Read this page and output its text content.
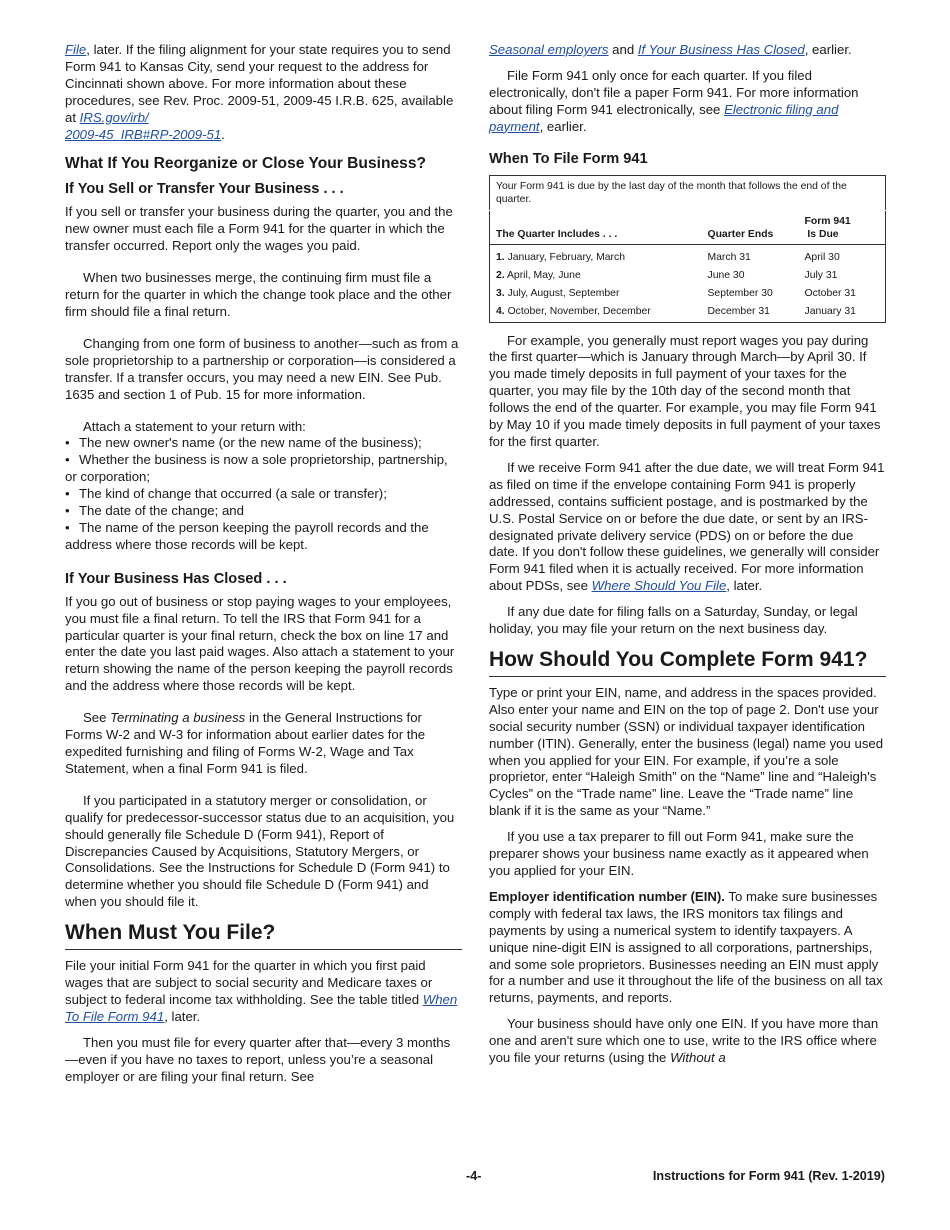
File, later. If the filing alignment for your state requires you to send Form 941 to Kansas City, send your request to the address for Cincinnati shown above. For more information about these procedures, see Rev. Proc. 2009-51, 2009-45 I.R.B. 625, available at IRS.gov/irb/
2009-45_IRB#RP-2009-51.

What If You Reorganize or Close Your Business?
If You Sell or Transfer Your Business . . .

If you sell or transfer your business during the quarter, you and the new owner must each file a Form 941 for the quarter in which the transfer occurred. Report only the wages you paid.

When two businesses merge, the continuing firm must file a return for the quarter in which the change took place and the other firm should file a final return.

Changing from one form of business to another—such as from a sole proprietorship to a partnership or corporation—is considered a transfer. If a transfer occurs, you may need a new EIN. See Pub. 1635 and section 1 of Pub. 15 for more information.

Attach a statement to your return with:
• The new owner's name (or the new name of the business);
• Whether the business is now a sole proprietorship, partnership, or corporation;
• The kind of change that occurred (a sale or transfer);
• The date of the change; and
• The name of the person keeping the payroll records and the address where those records will be kept.
If Your Business Has Closed . . .

If you go out of business or stop paying wages to your employees, you must file a final return. To tell the IRS that Form 941 for a particular quarter is your final return, check the box on line 17 and enter the date you last paid wages. Also attach a statement to your return showing the name of the person keeping the payroll records and the address where those records will be kept.

See Terminating a business in the General Instructions for Forms W-2 and W-3 for information about earlier dates for the expedited furnishing and filing of Forms W-2, Wage and Tax Statement, when a final Form 941 is filed.

If you participated in a statutory merger or consolidation, or qualify for predecessor-successor status due to an acquisition, you should generally file Schedule D (Form 941), Report of Discrepancies Caused by Acquisitions, Statutory Mergers, or Consolidations. See the Instructions for Schedule D (Form 941) to determine whether you should file Schedule D (Form 941) and when you should file it.

When Must You File?

File your initial Form 941 for the quarter in which you first paid wages that are subject to social security and Medicare taxes or subject to federal income tax withholding. See the table titled When To File Form 941, later.

Then you must file for every quarter after that—every 3 months—even if you have no taxes to report, unless you’re a seasonal employer or are filing your final return. See

Seasonal employers and If Your Business Has Closed, earlier.

File Form 941 only once for each quarter. If you filed electronically, don't file a paper Form 941. For more information about filing Form 941 electronically, see Electronic filing and payment, earlier.

When To File Form 941
Your Form 941 is due by the last day of the month that follows the end of the quarter.		
The Quarter Includes . . .	Quarter Ends	Form 941
Is Due
1. January, February, March	March 31	April 30
2. April, May, June	June 30	July 31
3. July, August, September	September 30	October 31
4. October, November, December	December 31	January 31

For example, you generally must report wages you pay during the first quarter—which is January through March—by April 30. If you made timely deposits in full payment of your taxes for the quarter, you may file by the 10th day of the second month that follows the end of the quarter. For example, you may file Form 941 by May 10 if you made timely deposits in full payment of your taxes for the first quarter.

If we receive Form 941 after the due date, we will treat Form 941 as filed on time if the envelope containing Form 941 is properly addressed, contains sufficient postage, and is postmarked by the U.S. Postal Service on or before the due date, or sent by an IRS-designated private delivery service (PDS) on or before the due date. If you don't follow these guidelines, we generally will consider Form 941 filed when it is actually received. For more information about PDSs, see Where Should You File, later.

If any due date for filing falls on a Saturday, Sunday, or legal holiday, you may file your return on the next business day.

How Should You Complete Form 941?

Type or print your EIN, name, and address in the spaces provided. Also enter your name and EIN on the top of page 2. Don't use your social security number (SSN) or individual taxpayer identification number (ITIN). Generally, enter the business (legal) name you used when you applied for your EIN. For example, if you’re a sole proprietor, enter “Haleigh Smith” on the “Name” line and “Haleigh's Cycles” on the “Trade name” line. Leave the “Trade name” line blank if it is the same as your “Name.”

If you use a tax preparer to fill out Form 941, make sure the preparer shows your business name exactly as it appeared when you applied for your EIN.

Employer identification number (EIN). To make sure businesses comply with federal tax laws, the IRS monitors tax filings and payments by using a numerical system to identify taxpayers. A unique nine-digit EIN is assigned to all corporations, partnerships, and some sole proprietors. Businesses needing an EIN must apply for a number and use it throughout the life of the business on all tax returns, payments, and reports.

Your business should have only one EIN. If you have more than one and aren't sure which one to use, write to the IRS office where you file your returns (using the Without a

-4-	Instructions for Form 941 (Rev. 1-2019)
